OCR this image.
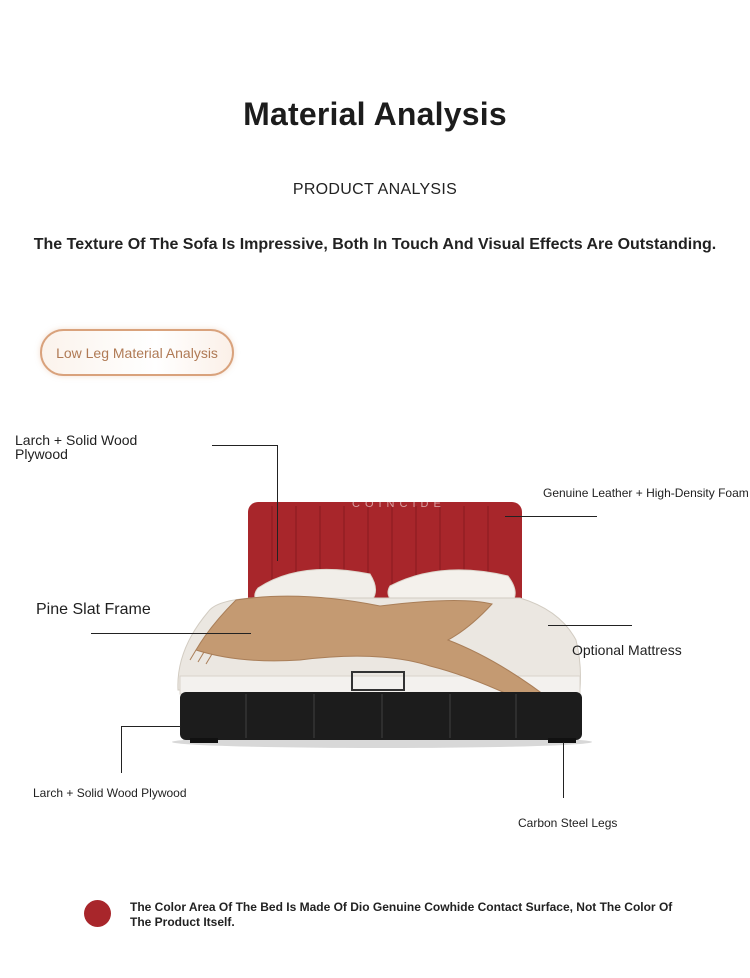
Material Analysis
PRODUCT ANALYSIS
The Texture Of The Sofa Is Impressive, Both In Touch And Visual Effects Are Outstanding.
Low Leg Material Analysis
COINCIDE
Larch + Solid Wood Plywood
Genuine Leather + High-Density Foam
Pine Slat Frame
Optional Mattress
Larch + Solid Wood Plywood
Carbon Steel Legs
The Color Area Of The Bed Is Made Of Dio Genuine Cowhide Contact Surface, Not The Color Of The Product Itself.
